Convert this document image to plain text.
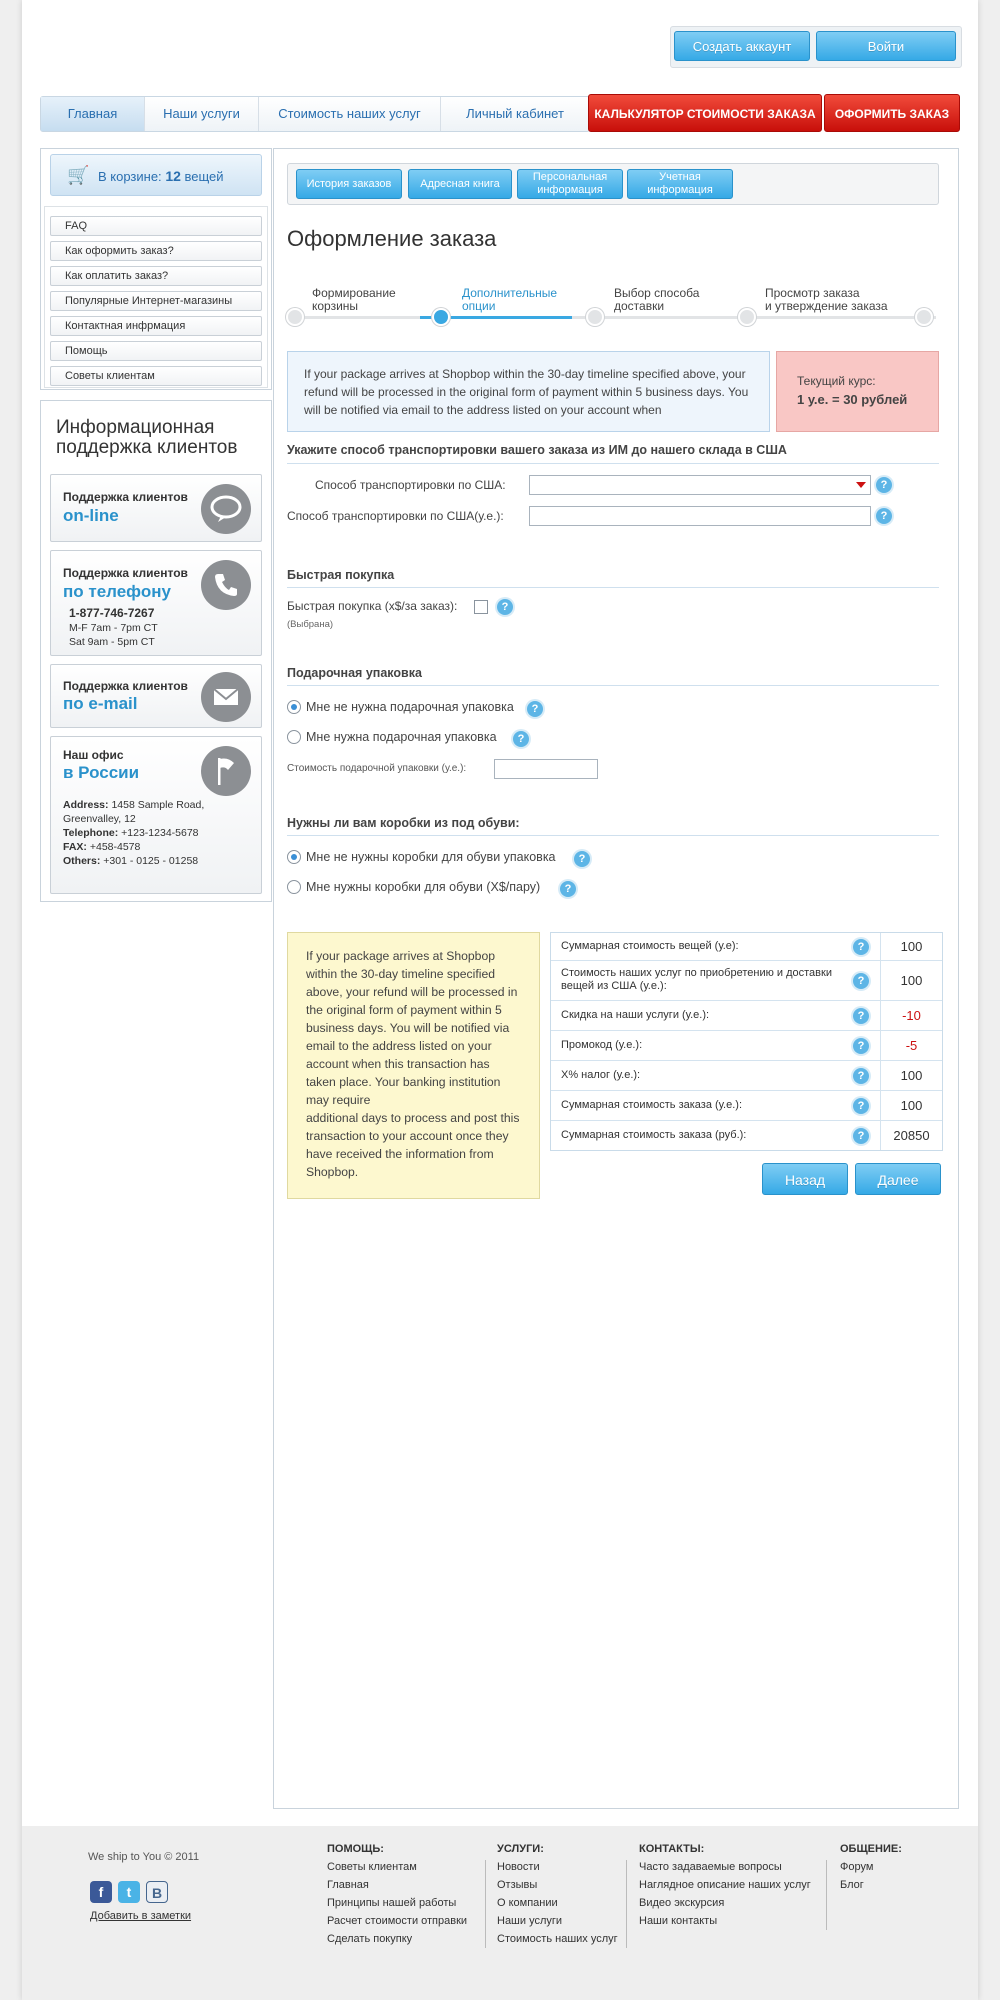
Создать аккаунт	Войти
Главная	Наши услуги	Стоимость наших услуг	Личный кабинет	КАЛЬКУЛЯТОР СТОИМОСТИ ЗАКАЗА	ОФОРМИТЬ ЗАКАЗ
🛒 В корзине: 12 вещей
FAQ
Как оформить заказ?
Как оплатить заказ?
Популярные Интернет-магазины
Контактная инфрмация
Помощь
Советы клиентам
Информационная
поддержка клиентов
Поддержка клиентов
on-line
Поддержка клиентов
по телефону
1-877-746-7267
M-F 7am - 7pm CT
Sat 9am - 5pm CT
Поддержка клиентов
по e-mail
Наш офис
в России
Address: 1458 Sample Road,
Greenvalley, 12
Telephone: +123-1234-5678
FAX: +458-4578
Others: +301 - 0125 - 01258
История заказов	Адресная книга
Персональная
информация
Учетная
информация
Оформление заказа
Формирование
корзины
Дополнительные
опции
Выбор способа
доставки
Просмотр заказа
и утверждение заказа
If your package arrives at Shopbop within the 30-day timeline specified above, your refund will be processed in the original form of payment within 5 business days. You will be notified via email to the address listed on your account when
Текущий курс:
1 у.е. = 30 рублей
Укажите способ транспортировки вашего заказа из ИМ до нашего склада в США
Способ транспортировки по США:	?
Способ транспортировки по США(у.е.):	?
Быстрая покупка
Быстрая покупка (x$/за заказ):	?
(Выбрана)
Подарочная упаковка
Мне не нужна подарочная упаковка	?
Мне нужна подарочная упаковка	?
Стоимость подарочной упаковки (у.е.):
Нужны ли вам коробки из под обуви:
Мне не нужны коробки для обуви упаковка	?
Мне нужны коробки для обуви (X$/пару)	?
If your package arrives at Shopbop within the 30-day timeline specified above, your refund will be processed in the original form of payment within 5 business days. You will be notified via email to the address listed on your account when this transaction has taken place. Your banking institution may require
additional days to process and post this transaction to your account once they have received the information from Shopbop.
Суммарная стоимость вещей (у.е):	?	100
Стоимость наших услуг по приобретению и доставки вещей из США (у.е.):	?	100
Скидка на наши услуги (у.е.):	?	-10
Промокод (у.е.):	?	-5
X% налог (у.е.):	?	100
Суммарная стоимость заказа (у.е.):	?	100
Суммарная стоимость заказа (руб.):	?	20850
Назад	Далее
We ship to You © 2011
f	t	В
Добавить в заметки
ПОМОЩЬ:
Советы клиентам
Главная
Принципы нашей работы
Расчет стоимости отправки
Сделать покупку
УСЛУГИ:
Новости
Отзывы
О компании
Наши услуги
Стоимость наших услуг
КОНТАКТЫ:
Часто задаваемые вопросы
Наглядное описание наших услуг
Видео экскурсия
Наши контакты
ОБЩЕНИЕ:
Форум
Блог
